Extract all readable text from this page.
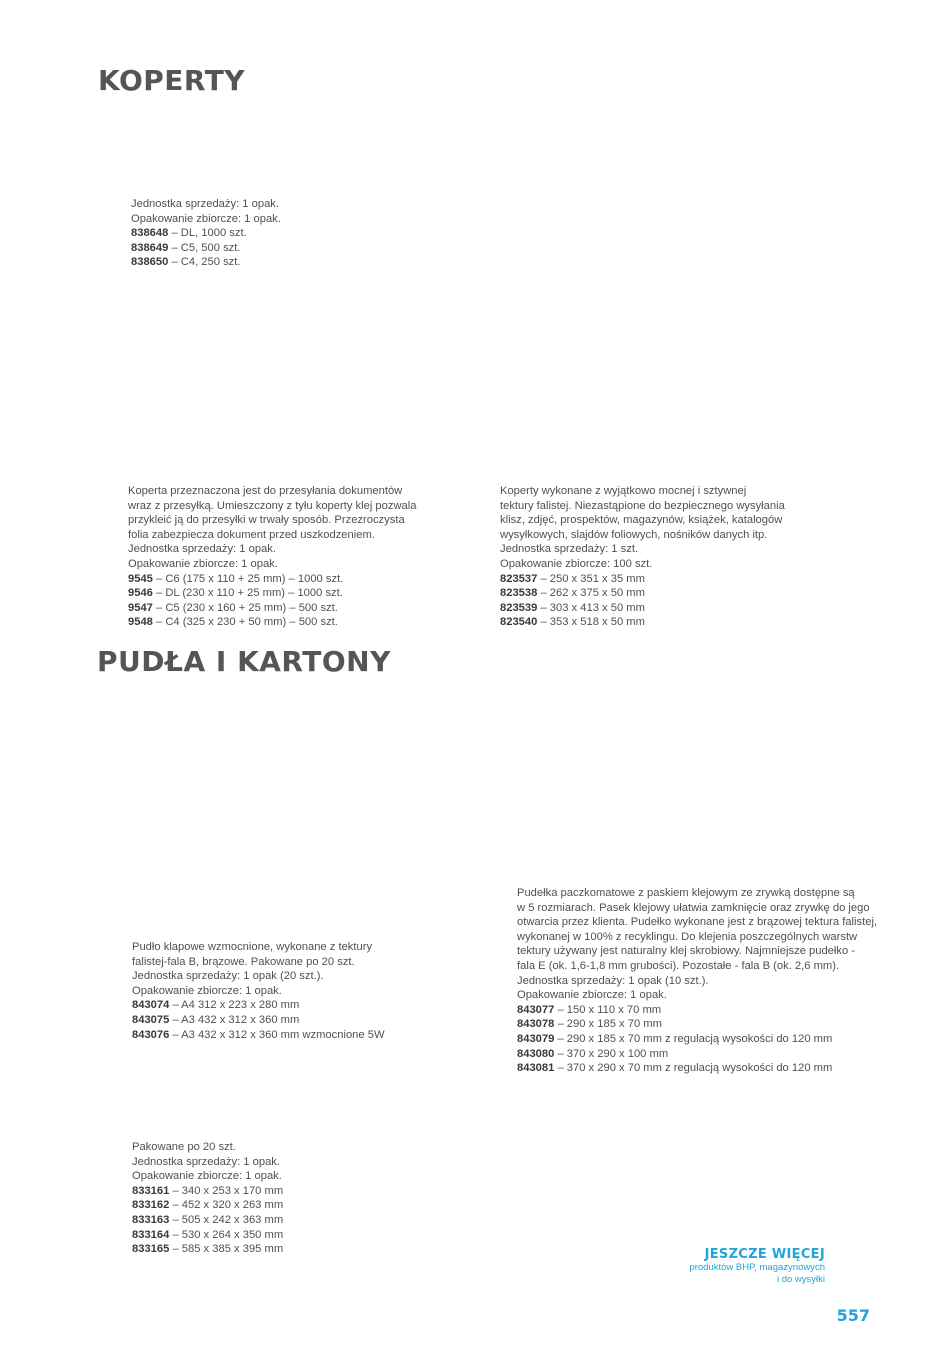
KOPERTY

Jednostka sprzedaży: 1 opak.

Opakowanie zbiorcze: 1 opak.

838648 – DL, 1000 szt.

838649 – C5, 500 szt.

838650 – C4, 250 szt.

Koperta przeznaczona jest do przesyłania dokumentów

wraz z przesyłką. Umieszczony z tyłu koperty klej pozwala

przykleić ją do przesyłki w trwały sposób. Przezroczysta

folia zabezpiecza dokument przed uszkodzeniem.

Jednostka sprzedaży: 1 opak.

Opakowanie zbiorcze: 1 opak.

9545 – C6 (175 x 110 + 25 mm) – 1000 szt.

9546 – DL (230 x 110 + 25 mm) – 1000 szt.

9547 – C5 (230 x 160 + 25 mm) – 500 szt.

9548 – C4 (325 x 230 + 50 mm) – 500 szt.

Koperty wykonane z wyjątkowo mocnej i sztywnej

tektury falistej. Niezastąpione do bezpiecznego wysyłania

klisz, zdjęć, prospektów, magazynów, książek, katalogów

wysyłkowych, slajdów foliowych, nośników danych itp.

Jednostka sprzedaży: 1 szt.

Opakowanie zbiorcze: 100 szt.

823537 – 250 x 351 x 35 mm

823538 – 262 x 375 x 50 mm

823539 – 303 x 413 x 50 mm

823540 – 353 x 518 x 50 mm

PUDŁA I KARTONY

Pudło klapowe wzmocnione, wykonane z tektury

falistej-fala B, brązowe. Pakowane po 20 szt.

Jednostka sprzedaży: 1 opak (20 szt.).

Opakowanie zbiorcze: 1 opak.

843074 – A4 312 x 223 x 280 mm

843075 – A3 432 x 312 x 360 mm

843076 – A3 432 x 312 x 360 mm wzmocnione 5W

Pudełka paczkomatowe z paskiem klejowym ze zrywką dostępne są

w 5 rozmiarach. Pasek klejowy ułatwia zamknięcie oraz zrywkę do jego

otwarcia przez klienta. Pudełko wykonane jest z brązowej tektura falistej,

wykonanej w 100% z recyklingu. Do klejenia poszczególnych warstw

tektury używany jest naturalny klej skrobiowy. Najmniejsze pudełko -

fala E (ok. 1,6-1,8 mm grubości). Pozostałe - fala B (ok. 2,6 mm).

Jednostka sprzedaży: 1 opak (10 szt.).

Opakowanie zbiorcze: 1 opak.

843077 – 150 x 110 x 70 mm

843078 – 290 x 185 x 70 mm

843079 – 290 x 185 x 70 mm z regulacją wysokości do 120 mm

843080 – 370 x 290 x 100 mm

843081 – 370 x 290 x 70 mm z regulacją wysokości do 120 mm

Pakowane po 20 szt.

Jednostka sprzedaży: 1 opak.

Opakowanie zbiorcze: 1 opak.

833161 – 340 x 253 x 170 mm

833162 – 452 x 320 x 263 mm

833163 – 505 x 242 x 363 mm

833164 – 530 x 264 x 350 mm

833165 – 585 x 385 x 395 mm	JESZCZE WIĘCEJ
produktów BHP, magazynowych
i do wysyłki
557
